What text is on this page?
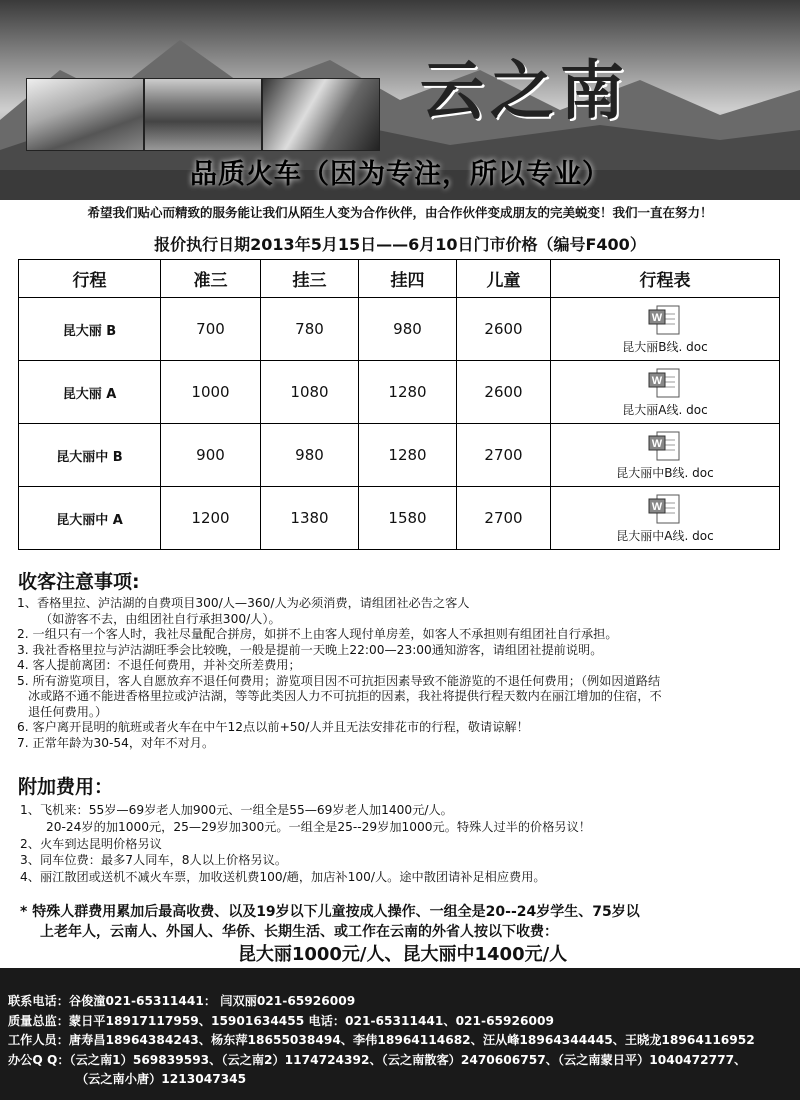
云之南
品质火车（因为专注，所以专业）
希望我们贴心而精致的服务能让我们从陌生人变为合作伙伴，由合作伙伴变成朋友的完美蜕变！我们一直在努力！
报价执行日期2013年5月15日——6月10日门市价格（编号F400）
行程	准三	挂三	挂四	儿童	行程表
昆大丽 B	700	780	980	2600	W
昆大丽B线. doc
昆大丽 A	1000	1080	1280	2600	W
昆大丽A线. doc
昆大丽中 B	900	980	1280	2700	W
昆大丽中B线. doc
昆大丽中 A	1200	1380	1580	2700	W
昆大丽中A线. doc
收客注意事项:

1、香格里拉、泸沽湖的自费项目300/人—360/人为必须消费，请组团社必告之客人

（如游客不去，由组团社自行承担300/人）。

2. 一组只有一个客人时，我社尽量配合拼房，如拼不上由客人现付单房差，如客人不承担则有组团社自行承担。

3. 我社香格里拉与泸沽湖旺季会比较晚，一般是提前一天晚上22:00—23:00通知游客，请组团社提前说明。

4. 客人提前离团：不退任何费用，并补交所差费用；

5. 所有游览项目，客人自愿放弃不退任何费用；游览项目因不可抗拒因素导致不能游览的不退任何费用；（例如因道路结

冰或路不通不能进香格里拉或泸沽湖，等等此类因人力不可抗拒的因素，我社将提供行程天数内在丽江增加的住宿，不

退任何费用。）

6. 客户离开昆明的航班或者火车在中午12点以前+50/人并且无法安排花市的行程，敬请谅解！

7. 正常年龄为30-54，对年不对月。

附加费用：

1、飞机来：55岁—69岁老人加900元、一组全是55—69岁老人加1400元/人。

20-24岁的加1000元，25—29岁加300元。一组全是25--29岁加1000元。特殊人过半的价格另议！

2、火车到达昆明价格另议

3、同车位费：最多7人同车，8人以上价格另议。

4、丽江散团或送机不减火车票，加收送机费100/趟，加店补100/人。途中散团请补足相应费用。

* 特殊人群费用累加后最高收费、以及19岁以下儿童按成人操作、一组全是20--24岁学生、75岁以
上老年人，云南人、外国人、华侨、长期生活、或工作在云南的外省人按以下收费：
昆大丽1000元/人、昆大丽中1400元/人

联系电话：谷俊潼021-65311441： 闫双丽021-65926009

质量总监：蒙日平18917117959、15901634455 电话：021-65311441、021-65926009

工作人员：唐寿昌18964384243、杨东萍18655038494、李伟18964114682、汪从峰18964344445、王晓龙18964116952

办公Q Q：（云之南1）569839593、（云之南2）1174724392、（云之南散客）2470606757、（云之南蒙日平）1040472777、

（云之南小唐）1213047345
